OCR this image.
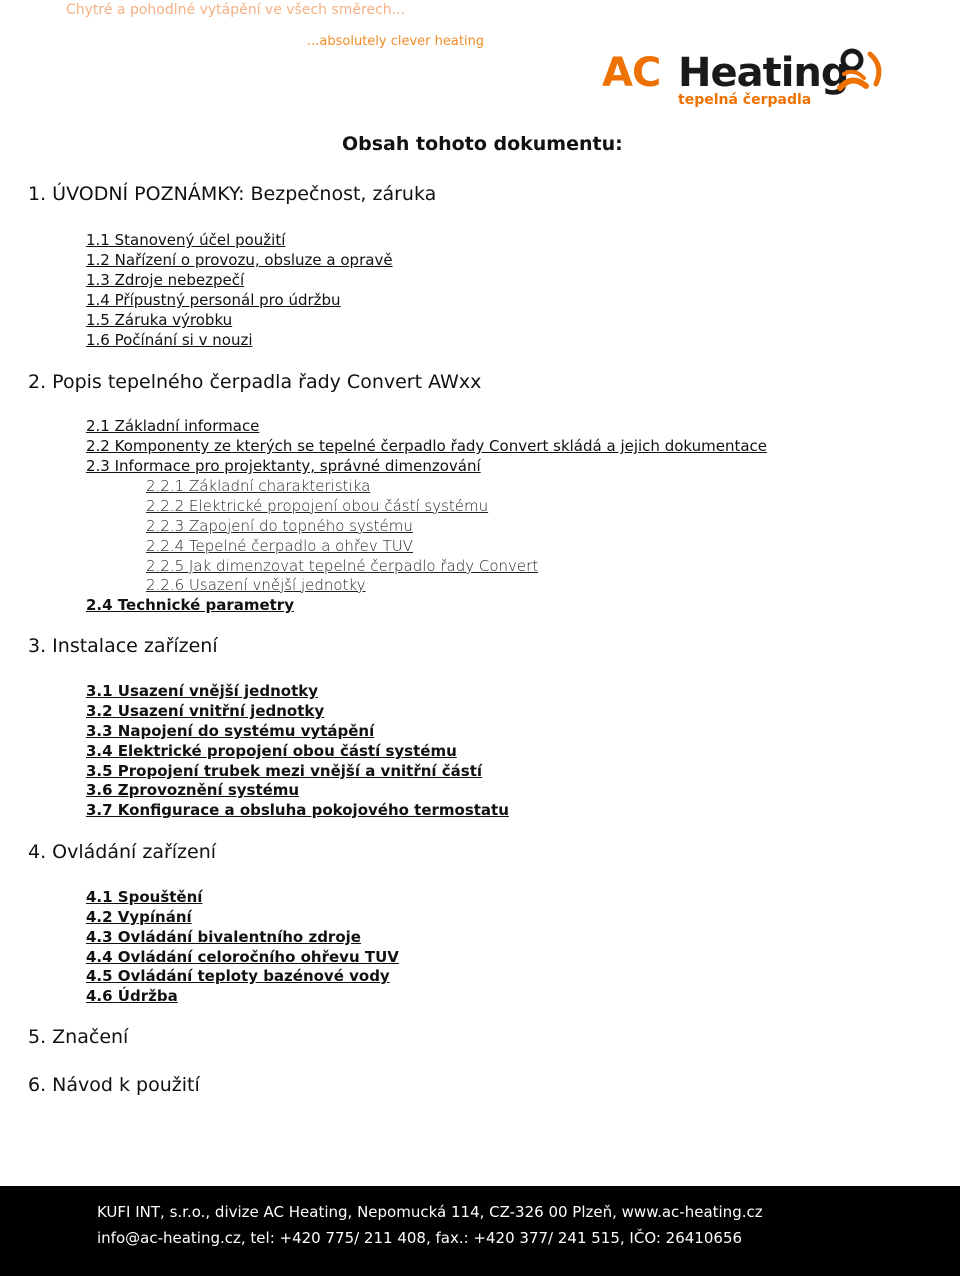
Chytré a pohodlné vytápění ve všech směrech...
...absolutely clever heating
AC Heating
tepelná čerpadla
Obsah tohoto dokumentu:
1. ÚVODNÍ POZNÁMKY: Bezpečnost, záruka
1.1 Stanovený účel použití
1.2 Nařízení o provozu, obsluze a opravě
1.3 Zdroje nebezpečí
1.4 Přípustný personál pro údržbu
1.5 Záruka výrobku
1.6 Počínání si v nouzi
2. Popis tepelného čerpadla řady Convert AWxx
2.1 Základní informace
2.2 Komponenty ze kterých se tepelné čerpadlo řady Convert skládá a jejich dokumentace
2.3 Informace pro projektanty, správné dimenzování
2.2.1 Základní charakteristika
2.2.2 Elektrické propojení obou částí systému
2.2.3 Zapojení do topného systému
2.2.4 Tepelné čerpadlo a ohřev TUV
2.2.5 Jak dimenzovat tepelné čerpadlo řady Convert
2.2.6 Usazení vnější jednotky
2.4 Technické parametry
3. Instalace zařízení
3.1 Usazení vnější jednotky
3.2 Usazení vnitřní jednotky
3.3 Napojení do systému vytápění
3.4 Elektrické propojení obou částí systému
3.5 Propojení trubek mezi vnější a vnitřní částí
3.6 Zprovoznění systému
3.7 Konfigurace a obsluha pokojového termostatu
4. Ovládání zařízení
4.1 Spouštění
4.2 Vypínání
4.3 Ovládání bivalentního zdroje
4.4 Ovládání celoročního ohřevu TUV
4.5 Ovládání teploty bazénové vody
4.6 Údržba
5. Značení
6. Návod k použití
KUFI INT, s.r.o., divize AC Heating, Nepomucká 114, CZ-326 00 Plzeň, www.ac-heating.cz
info@ac-heating.cz, tel: +420 775/ 211 408, fax.: +420 377/ 241 515, IČO: 26410656
